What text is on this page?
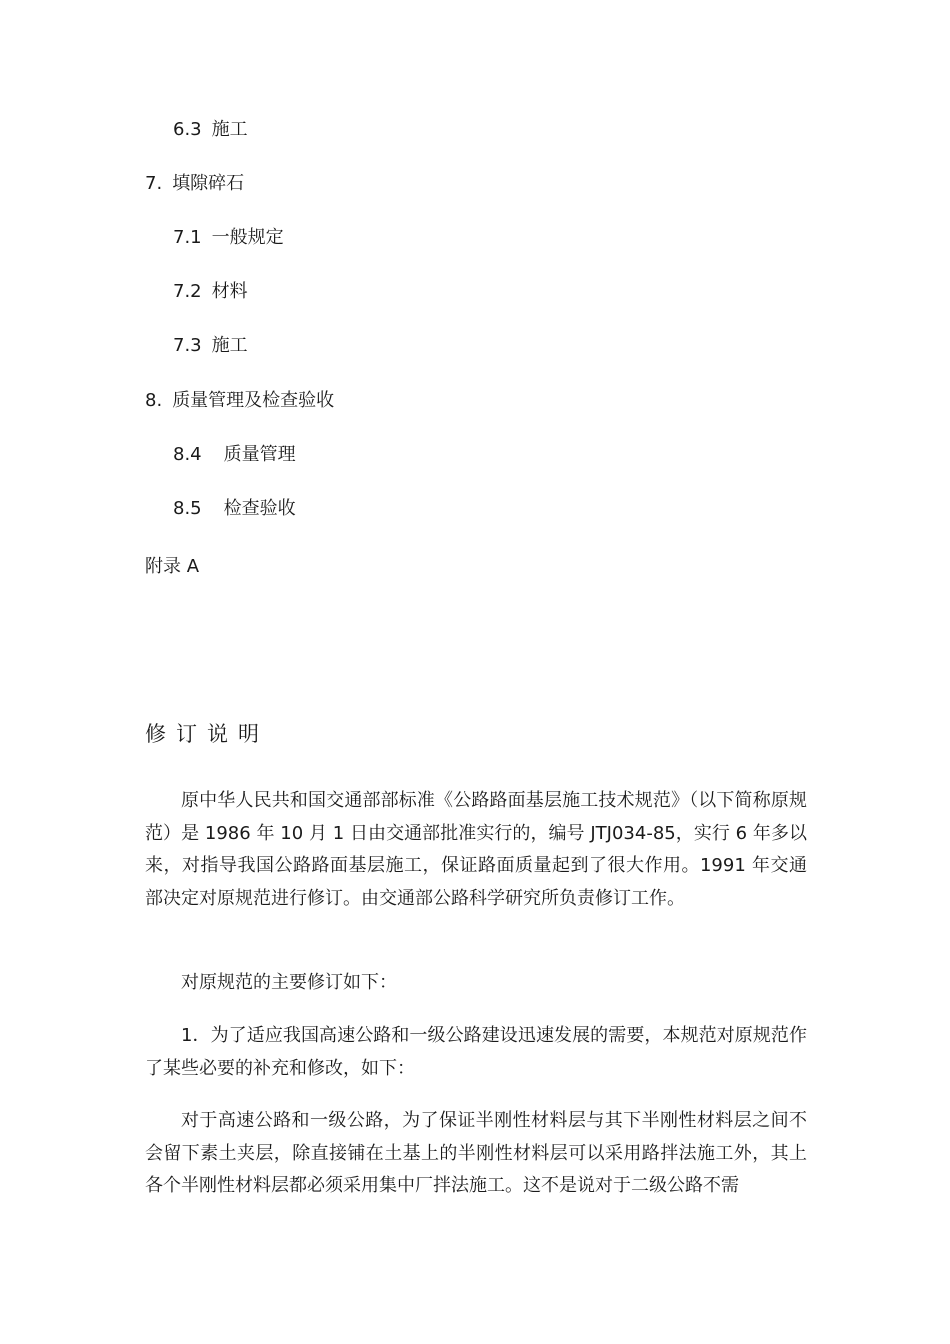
6.3 施工
7. 填隙碎石
7.1 一般规定
7.2 材料
7.3 施工
8. 质量管理及检查验收
8.4 质量管理
8.5 检查验收
附录 A
修订说明

原中华人民共和国交通部部标准《公路路面基层施工技术规范》（以下简称原规范）是 1986 年 10 月 1 日由交通部批准实行的，编号 JTJ034-85，实行 6 年多以来，对指导我国公路路面基层施工，保证路面质量起到了很大作用。1991 年交通部决定对原规范进行修订。由交通部公路科学研究所负责修订工作。

对原规范的主要修订如下：

1．为了适应我国高速公路和一级公路建设迅速发展的需要，本规范对原规范作了某些必要的补充和修改，如下：

对于高速公路和一级公路，为了保证半刚性材料层与其下半刚性材料层之间不会留下素土夹层，除直接铺在土基上的半刚性材料层可以采用路拌法施工外，其上各个半刚性材料层都必须采用集中厂拌法施工。这不是说对于二级公路不需
